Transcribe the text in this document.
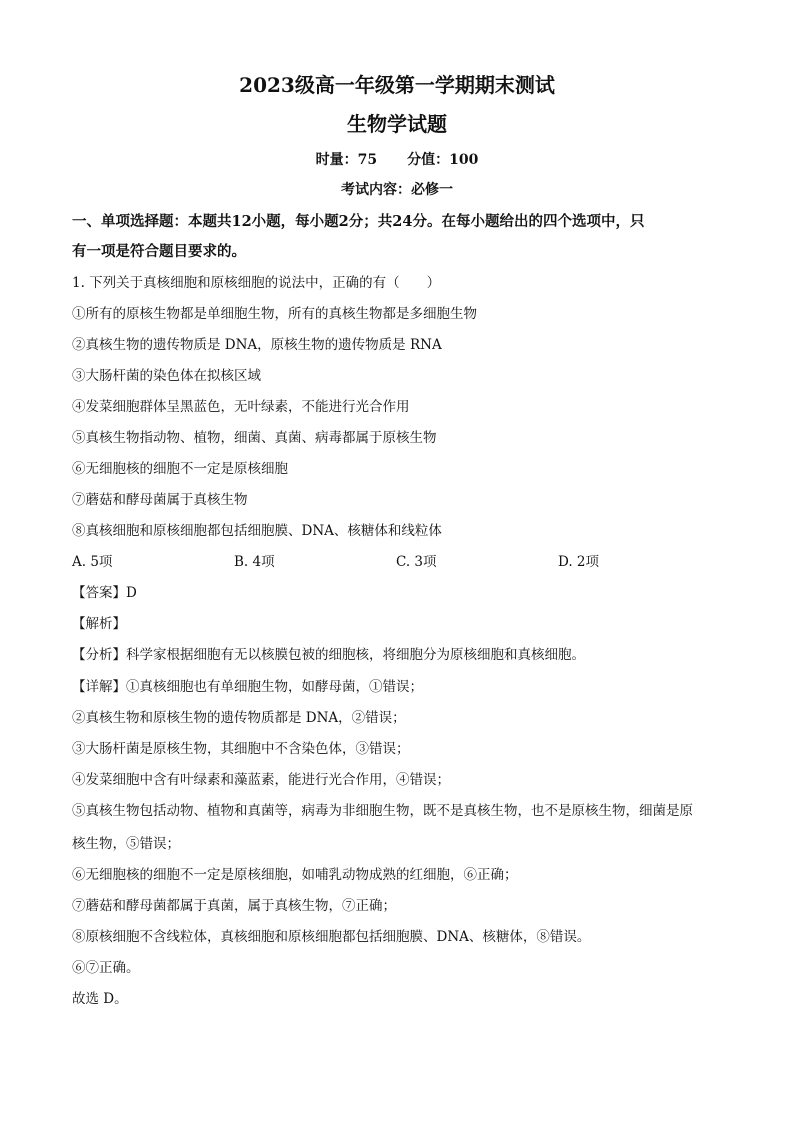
2023级高一年级第一学期期末测试
生物学试题
时量：75 分值：100
考试内容：必修一
一、单项选择题：本题共12小题，每小题2分；共24分。在每小题给出的四个选项中，只
有一项是符合题目要求的。
1. 下列关于真核细胞和原核细胞的说法中，正确的有（　　）
①所有的原核生物都是单细胞生物，所有的真核生物都是多细胞生物
②真核生物的遗传物质是 DNA，原核生物的遗传物质是 RNA
③大肠杆菌的染色体在拟核区域
④发菜细胞群体呈黑蓝色，无叶绿素，不能进行光合作用
⑤真核生物指动物、植物，细菌、真菌、病毒都属于原核生物
⑥无细胞核的细胞不一定是原核细胞
⑦蘑菇和酵母菌属于真核生物
⑧真核细胞和原核细胞都包括细胞膜、DNA、核糖体和线粒体
A. 5项	B. 4项	C. 3项	D. 2项
【答案】D
【解析】
【分析】科学家根据细胞有无以核膜包被的细胞核，将细胞分为原核细胞和真核细胞。
【详解】①真核细胞也有单细胞生物，如酵母菌，①错误；
②真核生物和原核生物的遗传物质都是 DNA，②错误；
③大肠杆菌是原核生物，其细胞中不含染色体，③错误；
④发菜细胞中含有叶绿素和藻蓝素，能进行光合作用，④错误；
⑤真核生物包括动物、植物和真菌等，病毒为非细胞生物，既不是真核生物，也不是原核生物，细菌是原
核生物，⑤错误；
⑥无细胞核的细胞不一定是原核细胞，如哺乳动物成熟的红细胞，⑥正确；
⑦蘑菇和酵母菌都属于真菌，属于真核生物，⑦正确；
⑧原核细胞不含线粒体，真核细胞和原核细胞都包括细胞膜、DNA、核糖体，⑧错误。
⑥⑦正确。
故选 D。
